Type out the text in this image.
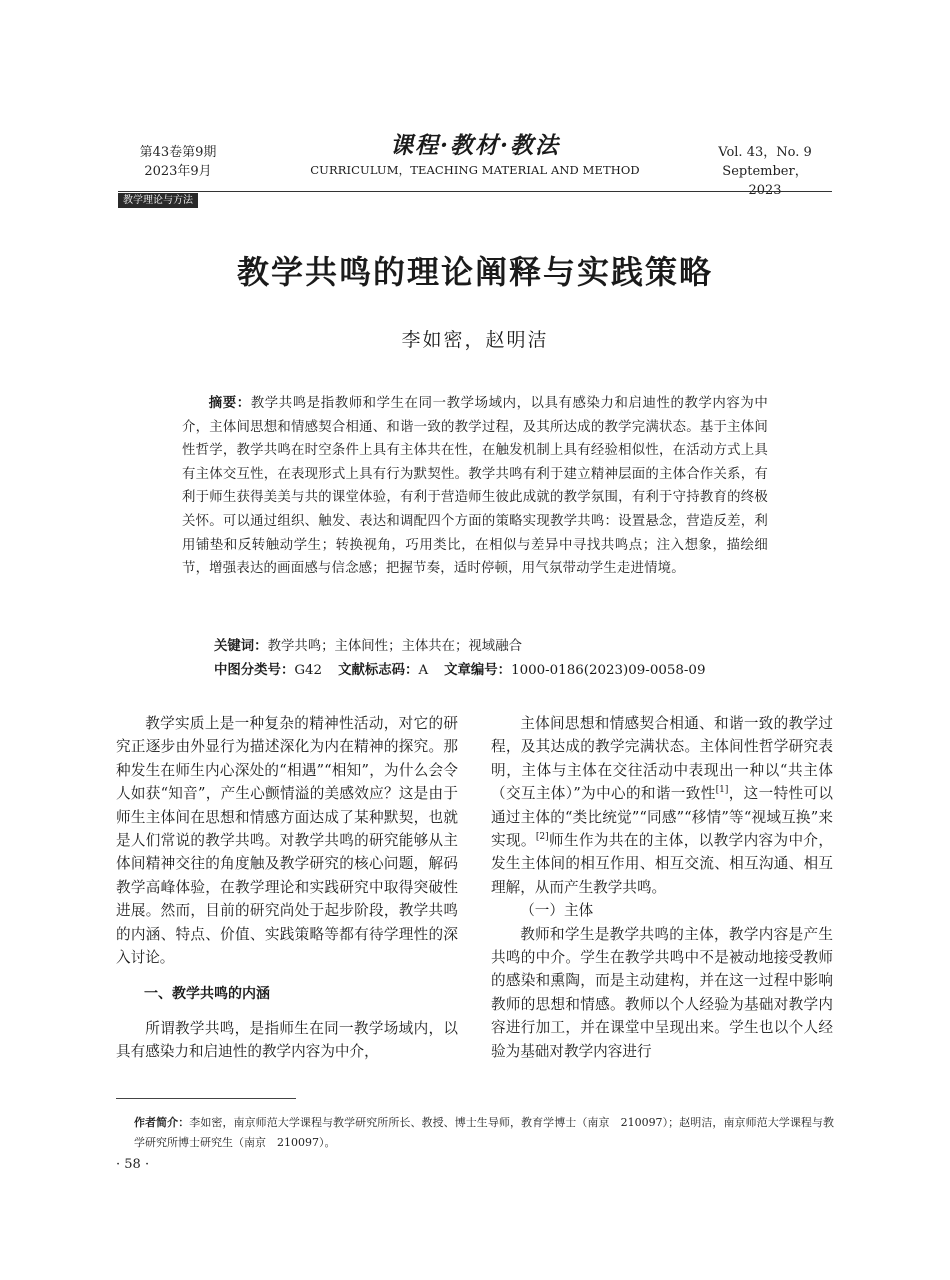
第43卷第9期
2023年9月
课程·教材·教法
CURRICULUM，TEACHING MATERIAL AND METHOD
Vol. 43，No. 9
September，2023
教学理论与方法
教学共鸣的理论阐释与实践策略
李如密，赵明洁
摘要：教学共鸣是指教师和学生在同一教学场域内，以具有感染力和启迪性的教学内容为中介，主体间思想和情感契合相通、和谐一致的教学过程，及其所达成的教学完满状态。基于主体间性哲学，教学共鸣在时空条件上具有主体共在性，在触发机制上具有经验相似性，在活动方式上具有主体交互性，在表现形式上具有行为默契性。教学共鸣有利于建立精神层面的主体合作关系，有利于师生获得美美与共的课堂体验，有利于营造师生彼此成就的教学氛围，有利于守持教育的终极关怀。可以通过组织、触发、表达和调配四个方面的策略实现教学共鸣：设置悬念，营造反差，利用铺垫和反转触动学生；转换视角，巧用类比，在相似与差异中寻找共鸣点；注入想象，描绘细节，增强表达的画面感与信念感；把握节奏，适时停顿，用气氛带动学生走进情境。
关键词：教学共鸣；主体间性；主体共在；视域融合
中图分类号：G42 文献标志码：A 文章编号：1000-0186(2023)09-0058-09

教学实质上是一种复杂的精神性活动，对它的研究正逐步由外显行为描述深化为内在精神的探究。那种发生在师生内心深处的“相遇”“相知”，为什么会令人如获“知音”，产生心颤情溢的美感效应？这是由于师生主体间在思想和情感方面达成了某种默契，也就是人们常说的教学共鸣。对教学共鸣的研究能够从主体间精神交往的角度触及教学研究的核心问题，解码教学高峰体验，在教学理论和实践研究中取得突破性进展。然而，目前的研究尚处于起步阶段，教学共鸣的内涵、特点、价值、实践策略等都有待学理性的深入讨论。

一、教学共鸣的内涵

所谓教学共鸣，是指师生在同一教学场域内，以具有感染力和启迪性的教学内容为中介，

主体间思想和情感契合相通、和谐一致的教学过程，及其达成的教学完满状态。主体间性哲学研究表明，主体与主体在交往活动中表现出一种以“共主体（交互主体）”为中心的和谐一致性[1]，这一特性可以通过主体的“类比统觉”“同感”“移情”等“视域互换”来实现。[2]师生作为共在的主体，以教学内容为中介，发生主体间的相互作用、相互交流、相互沟通、相互理解，从而产生教学共鸣。

（一）主体

教师和学生是教学共鸣的主体，教学内容是产生共鸣的中介。学生在教学共鸣中不是被动地接受教师的感染和熏陶，而是主动建构，并在这一过程中影响教师的思想和情感。教师以个人经验为基础对教学内容进行加工，并在课堂中呈现出来。学生也以个人经验为基础对教学内容进行

作者简介：李如密，南京师范大学课程与教学研究所所长、教授、博士生导师，教育学博士（南京　210097）；赵明洁，南京师范大学课程与教学研究所博士研究生（南京　210097）。
· 58 ·
